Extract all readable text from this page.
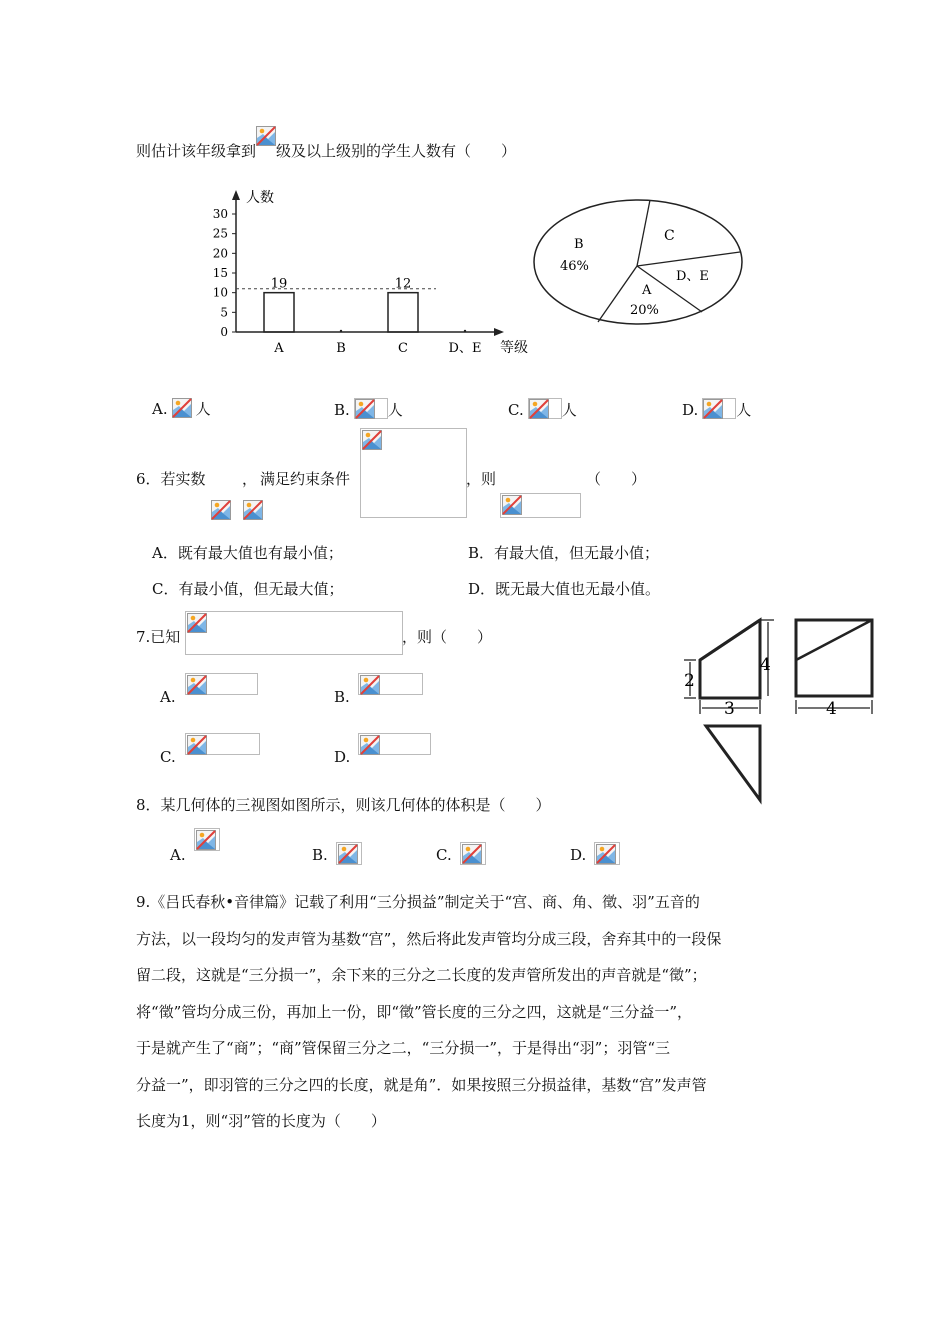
则估计该年级拿到 级及以上级别的学生人数有（　　）
0
5
10
15
20
25
30
人数
19
A	B
12
C	D、E 等级
B
46%
A
20%
D、E
C
A. 人	B.	人	C.	人	D.	人
6．若实数 ， 满足约束条件	，则	（　　）
A．既有最大值也有最小值；	B．有最大值，但无最小值；
C．有最小值，但无最大值；	D．既无最大值也无最小值。
7.已知	，则（　　）
A.	B.
C.	D.
2
4
3	4
8．某几何体的三视图如图所示，则该几何体的体积是（　　）
A.	B.	C.	D.
9.《吕氏春秋•音律篇》记载了利用“三分损益”制定关于“宫、商、角、徵、羽”五音的
方法，以一段均匀的发声管为基数“宫”，然后将此发声管均分成三段，舍弃其中的一段保
留二段，这就是“三分损一”，余下来的三分之二长度的发声管所发出的声音就是“徵”；
将“徵”管均分成三份，再加上一份，即“徵”管长度的三分之四，这就是“三分益一”，
于是就产生了“商”；“商”管保留三分之二，“三分损一”，于是得出“羽”；羽管“三
分益一”，即羽管的三分之四的长度，就是角”．如果按照三分损益律，基数“宫”发声管
长度为1，则“羽”管的长度为（　　）
